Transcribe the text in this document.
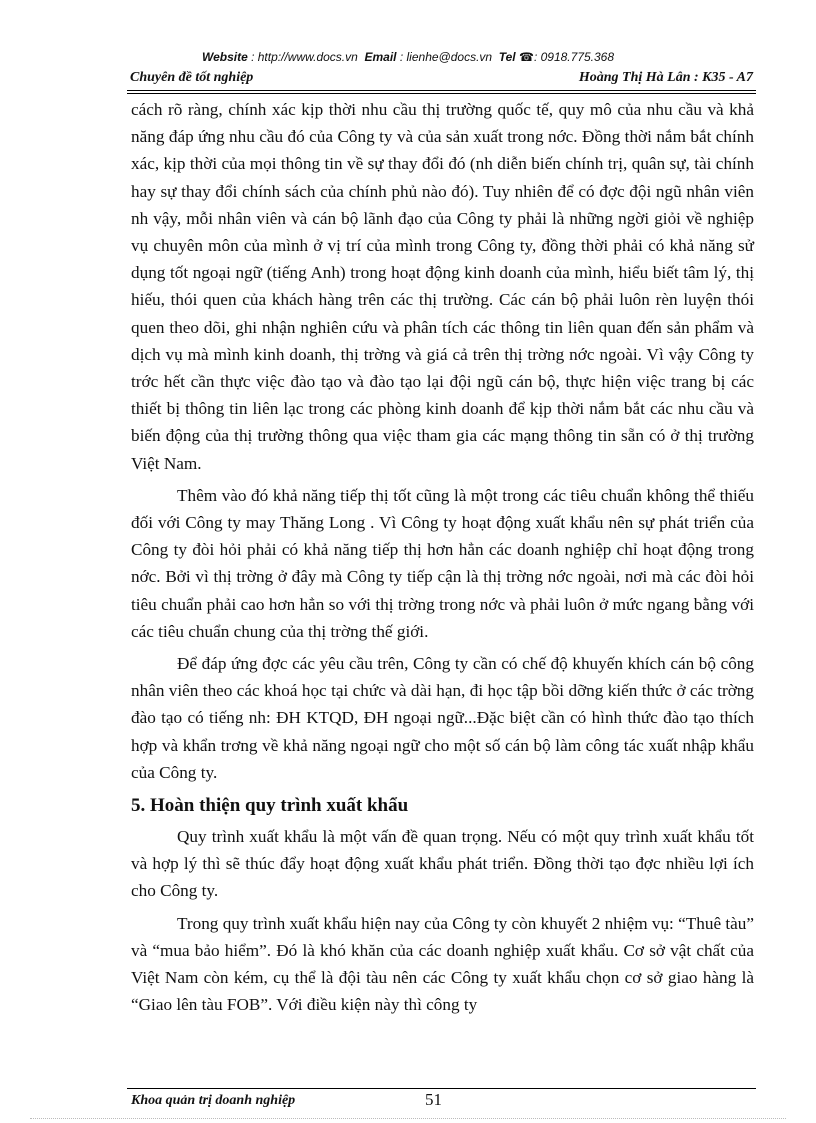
Website : http://www.docs.vn Email : lienhe@docs.vn Tel ☎: 0918.775.368
Chuyên đề tốt nghiệp	Hoàng Thị Hà Lân : K35 - A7

cách rõ ràng, chính xác kịp thời nhu cầu thị trường quốc tế, quy mô của nhu cầu và khả năng đáp ứng nhu cầu đó của Công ty và của sản xuất trong nớc. Đồng thời nắm bắt chính xác, kịp thời của mọi thông tin về sự thay đổi đó (nh diễn biến chính trị, quân sự, tài chính hay sự thay đổi chính sách của chính phủ nào đó). Tuy nhiên để có đợc đội ngũ nhân viên nh vậy, mỗi nhân viên và cán bộ lãnh đạo của Công ty phải là những ngời giỏi về nghiệp vụ chuyên môn của mình ở vị trí của mình trong Công ty, đồng thời phải có khả năng sử dụng tốt ngoại ngữ (tiếng Anh) trong hoạt động kinh doanh của mình, hiểu biết tâm lý, thị hiếu, thói quen của khách hàng trên các thị trường. Các cán bộ phải luôn rèn luyện thói quen theo dõi, ghi nhận nghiên cứu và phân tích các thông tin liên quan đến sản phẩm và dịch vụ mà mình kinh doanh, thị trờng và giá cả trên thị trờng nớc ngoài. Vì vậy Công ty trớc hết cần thực việc đào tạo và đào tạo lại đội ngũ cán bộ, thực hiện việc trang bị các thiết bị thông tin liên lạc trong các phòng kinh doanh để kịp thời nắm bắt các nhu cầu và biến động của thị trường thông qua việc tham gia các mạng thông tin sẵn có ở thị trường Việt Nam.

Thêm vào đó khả năng tiếp thị tốt cũng là một trong các tiêu chuẩn không thể thiếu đối với Công ty may Thăng Long . Vì Công ty hoạt động xuất khẩu nên sự phát triển của Công ty đòi hỏi phải có khả năng tiếp thị hơn hẳn các doanh nghiệp chỉ hoạt động trong nớc. Bởi vì thị trờng ở đây mà Công ty tiếp cận là thị trờng nớc ngoài, nơi mà các đòi hỏi tiêu chuẩn phải cao hơn hẳn so với thị trờng trong nớc và phải luôn ở mức ngang bằng với các tiêu chuẩn chung của thị trờng thế giới.

Để đáp ứng đợc các yêu cầu trên, Công ty cần có chế độ khuyến khích cán bộ công nhân viên theo các khoá học tại chức và dài hạn, đi học tập bồi dỡng kiến thức ở các trờng đào tạo có tiếng nh: ĐH KTQD, ĐH ngoại ngữ...Đặc biệt cần có hình thức đào tạo thích hợp và khẩn trơng về khả năng ngoại ngữ cho một số cán bộ làm công tác xuất nhập khẩu của Công ty.

5. Hoàn thiện quy trình xuất khẩu

Quy trình xuất khẩu là một vấn đề quan trọng. Nếu có một quy trình xuất khẩu tốt và hợp lý thì sẽ thúc đẩy hoạt động xuất khẩu phát triển. Đồng thời tạo đợc nhiều lợi ích cho Công ty.

Trong quy trình xuất khẩu hiện nay của Công ty còn khuyết 2 nhiệm vụ: “Thuê tàu” và “mua bảo hiểm”. Đó là khó khăn của các doanh nghiệp xuất khẩu. Cơ sở vật chất của Việt Nam còn kém, cụ thể là đội tàu nên các Công ty xuất khẩu chọn cơ sở giao hàng là “Giao lên tàu FOB”. Với điều kiện này thì công ty

Khoa quản trị doanh nghiệp	51
